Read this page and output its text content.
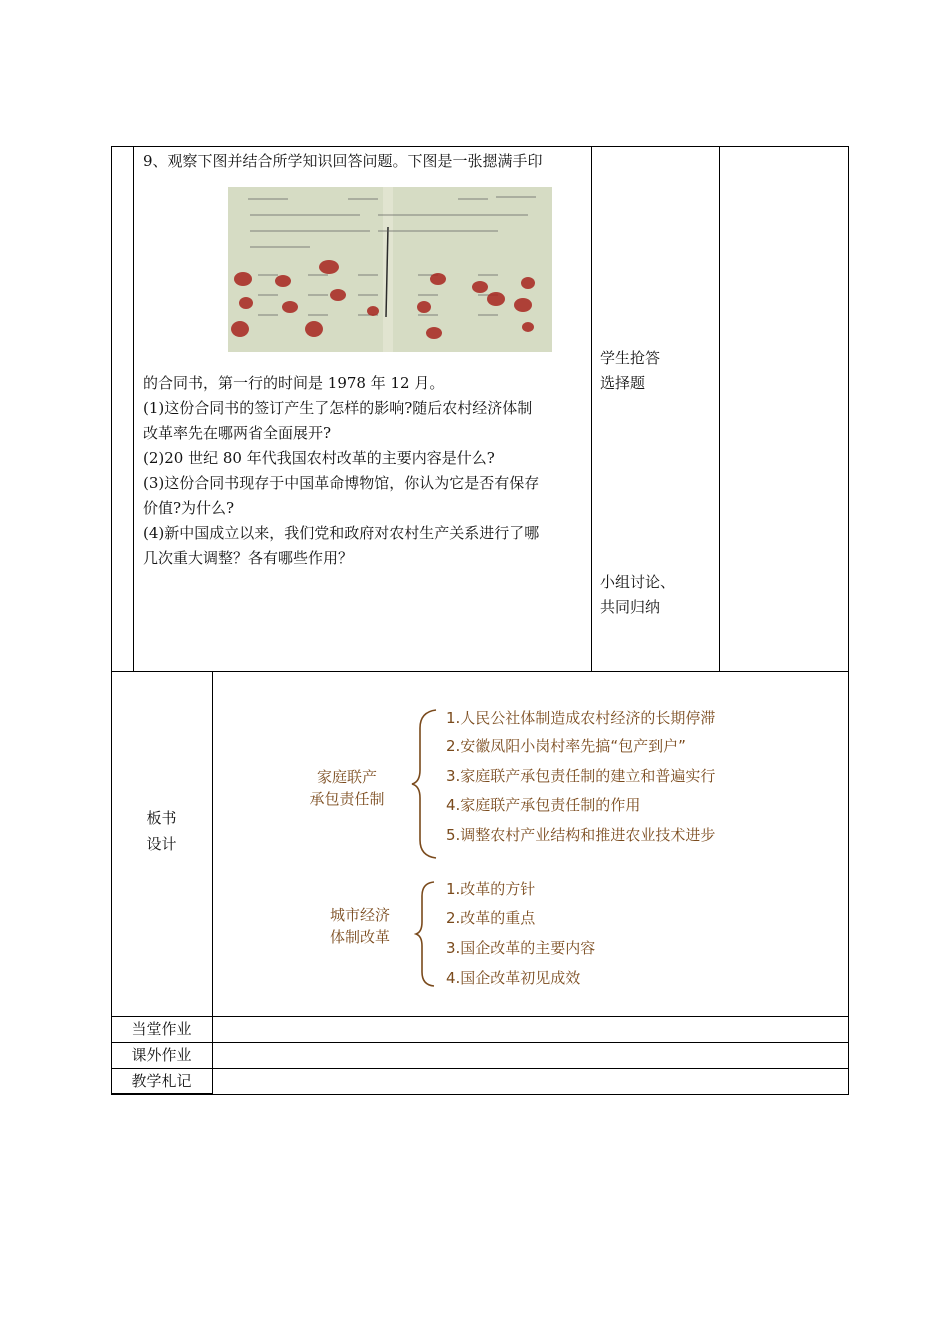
9、观察下图并结合所学知识回答问题。下图是一张摁满手印
的合同书，第一行的时间是 1978 年 12 月。
(1)这份合同书的签订产生了怎样的影响?随后农村经济体制
改革率先在哪两省全面展开?
(2)20 世纪 80 年代我国农村改革的主要内容是什么?
(3)这份合同书现存于中国革命博物馆，你认为它是否有保存
价值?为什么?
(4)新中国成立以来，我们党和政府对农村生产关系进行了哪
几次重大调整？各有哪些作用？
学生抢答
选择题
小组讨论、
共同归纳
板书
设计
家庭联产
承包责任制
1.人民公社体制造成农村经济的长期停滞
2.安徽凤阳小岗村率先搞“包产到户”
3.家庭联产承包责任制的建立和普遍实行
4.家庭联产承包责任制的作用
5.调整农村产业结构和推进农业技术进步
城市经济
体制改革
1.改革的方针
2.改革的重点
3.国企改革的主要内容
4.国企改革初见成效
当堂作业
课外作业
教学札记
